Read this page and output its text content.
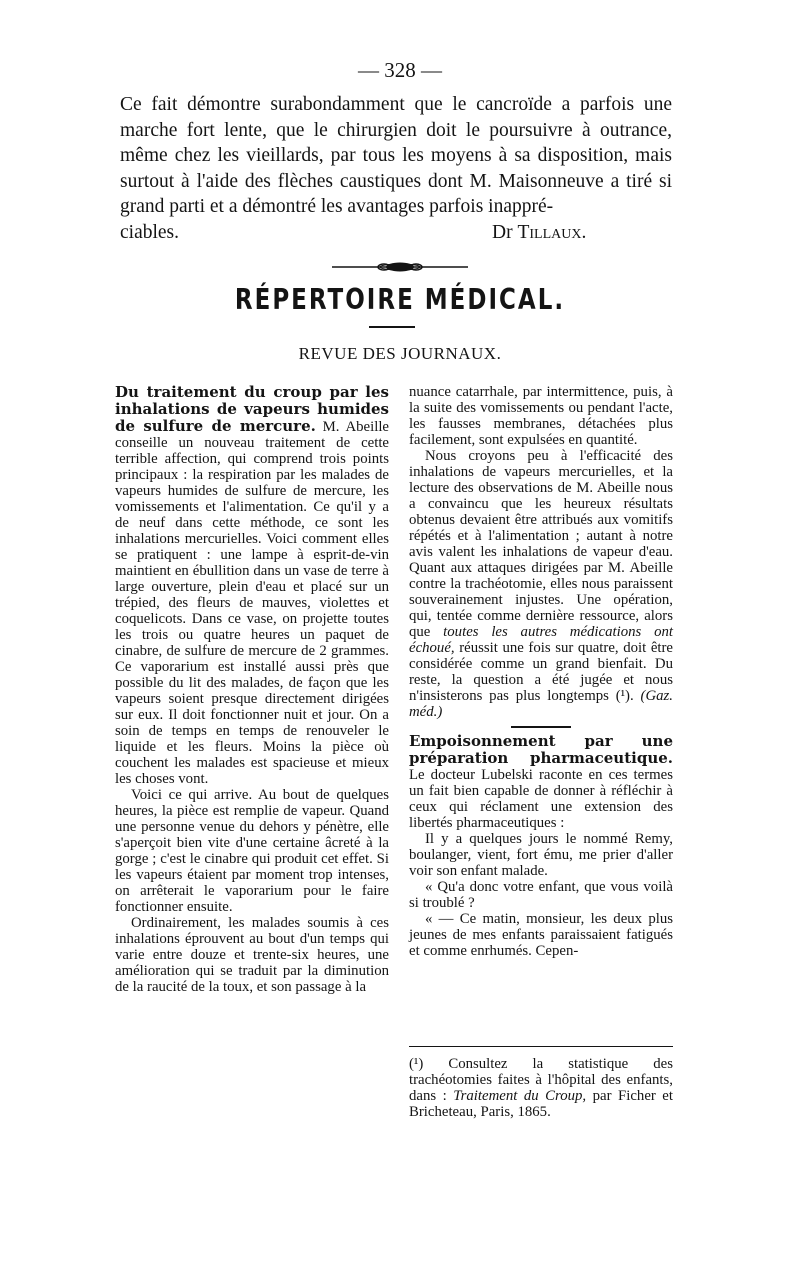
— 328 —
Ce fait démontre surabondamment que le cancroïde a parfois une marche fort lente, que le chirurgien doit le poursuivre à outrance, même chez les vieillards, par tous les moyens à sa disposition, mais surtout à l'aide des flèches caustiques dont M. Maisonneuve a tiré si grand parti et a démontré les avantages parfois inappré-
ciables.	Dr Tillaux.
RÉPERTOIRE MÉDICAL.
REVUE DES JOURNAUX.

Du traitement du croup par les inhalations de vapeurs humides de sulfure de mercure. M. Abeille conseille un nouveau traitement de cette terrible affection, qui comprend trois points principaux : la respiration par les malades de vapeurs humides de sulfure de mercure, les vomissements et l'alimentation. Ce qu'il y a de neuf dans cette méthode, ce sont les inhalations mercurielles. Voici comment elles se pratiquent : une lampe à esprit-de-vin maintient en ébullition dans un vase de terre à large ouverture, plein d'eau et placé sur un trépied, des fleurs de mauves, violettes et coquelicots. Dans ce vase, on projette toutes les trois ou quatre heures un paquet de cinabre, de sulfure de mercure de 2 grammes. Ce vaporarium est installé aussi près que possible du lit des malades, de façon que les vapeurs soient presque directement dirigées sur eux. Il doit fonctionner nuit et jour. On a soin de temps en temps de renouveler le liquide et les fleurs. Moins la pièce où couchent les malades est spacieuse et mieux les choses vont.

Voici ce qui arrive. Au bout de quelques heures, la pièce est remplie de vapeur. Quand une personne venue du dehors y pénètre, elle s'aperçoit bien vite d'une certaine âcreté à la gorge ; c'est le cinabre qui produit cet effet. Si les vapeurs étaient par moment trop intenses, on arrêterait le vaporarium pour le faire fonctionner ensuite.

Ordinairement, les malades soumis à ces inhalations éprouvent au bout d'un temps qui varie entre douze et trente-six heures, une amélioration qui se traduit par la diminution de la raucité de la toux, et son passage à la

nuance catarrhale, par intermittence, puis, à la suite des vomissements ou pendant l'acte, les fausses membranes, détachées plus facilement, sont expulsées en quantité.

Nous croyons peu à l'efficacité des inhalations de vapeurs mercurielles, et la lecture des observations de M. Abeille nous a convaincu que les heureux résultats obtenus devaient être attribués aux vomitifs répétés et à l'alimentation ; autant à notre avis valent les inhalations de vapeur d'eau. Quant aux attaques dirigées par M. Abeille contre la trachéotomie, elles nous paraissent souverainement injustes. Une opération, qui, tentée comme dernière ressource, alors que toutes les autres médications ont échoué, réussit une fois sur quatre, doit être considérée comme un grand bienfait. Du reste, la question a été jugée et nous n'insisterons pas plus longtemps (¹). (Gaz. méd.)

Empoisonnement par une préparation pharmaceutique. Le docteur Lubelski raconte en ces termes un fait bien capable de donner à réfléchir à ceux qui réclament une extension des libertés pharmaceutiques :

Il y a quelques jours le nommé Remy, boulanger, vient, fort ému, me prier d'aller voir son enfant malade.

« Qu'a donc votre enfant, que vous voilà si troublé ?

« — Ce matin, monsieur, les deux plus jeunes de mes enfants paraissaient fatigués et comme enrhumés. Cepen-

(¹) Consultez la statistique des trachéotomies faites à l'hôpital des enfants, dans : Traitement du Croup, par Ficher et Bricheteau, Paris, 1865.
